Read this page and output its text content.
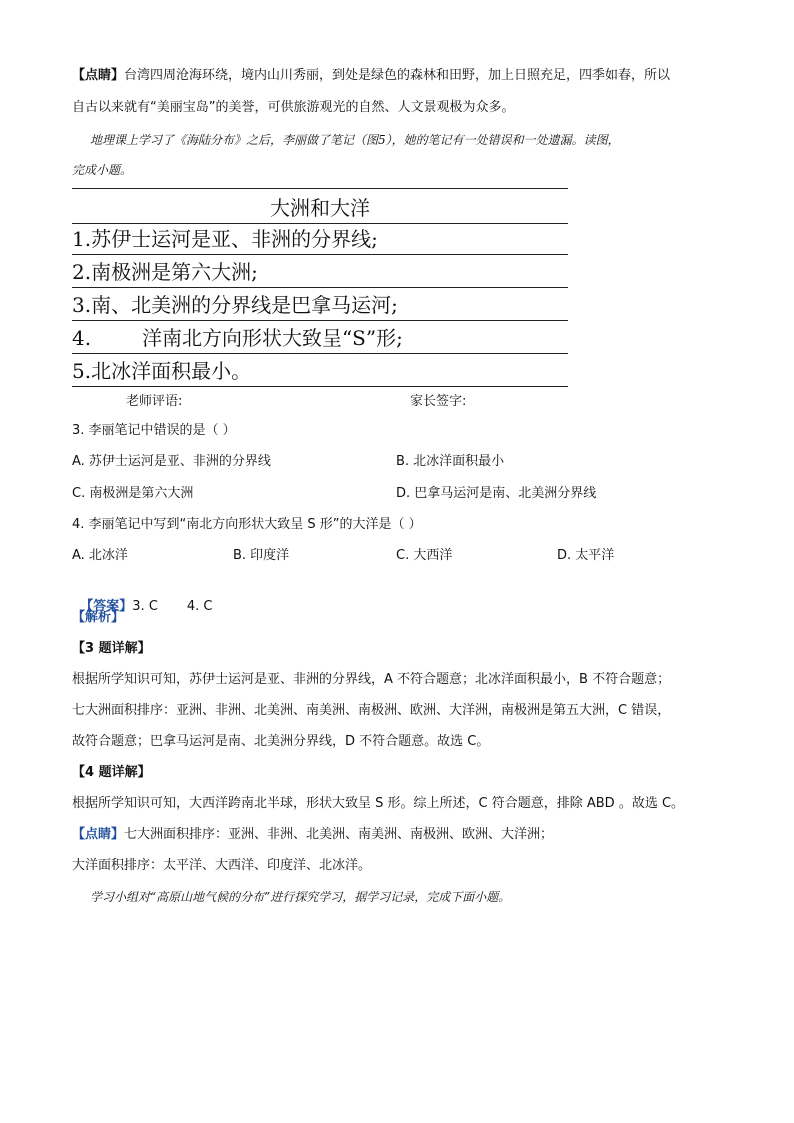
【点睛】台湾四周沧海环绕，境内山川秀丽，到处是绿色的森林和田野，加上日照充足，四季如春，所以
自古以来就有“美丽宝岛”的美誉，可供旅游观光的自然、人文景观极为众多。
地理课上学习了《海陆分布》之后，李丽做了笔记（图5），她的笔记有一处错误和一处遗漏。读图，
完成小题。
大洲和大洋
1.苏伊士运河是亚、非洲的分界线;
2.南极洲是第六大洲;
3.南、北美洲的分界线是巴拿马运河;
4.        洋南北方向形状大致呈“S”形;
5.北冰洋面积最小。
老师评语:	家长签字:
3. 李丽笔记中错误的是（ ）
A. 苏伊士运河是亚、非洲的分界线	B. 北冰洋面积最小
C. 南极洲是第六大洲	D. 巴拿马运河是南、北美洲分界线
4. 李丽笔记中写到“南北方向形状大致呈 S 形”的大洋是（ ）
A. 北冰洋	B. 印度洋	C. 大西洋	D. 太平洋

【答案】3. C       4. C

【解析】
【3 题详解】
根据所学知识可知，苏伊士运河是亚、非洲的分界线，A 不符合题意；北冰洋面积最小，B 不符合题意；
七大洲面积排序：亚洲、非洲、北美洲、南美洲、南极洲、欧洲、大洋洲，南极洲是第五大洲，C 错误，
故符合题意；巴拿马运河是南、北美洲分界线，D 不符合题意。故选 C。
【4 题详解】
根据所学知识可知，大西洋跨南北半球，形状大致呈 S 形。综上所述，C 符合题意，排除 ABD 。故选 C。
【点睛】七大洲面积排序：亚洲、非洲、北美洲、南美洲、南极洲、欧洲、大洋洲；
大洋面积排序：太平洋、大西洋、印度洋、北冰洋。
学习小组对“高原山地气候的分布”进行探究学习，据学习记录，完成下面小题。
